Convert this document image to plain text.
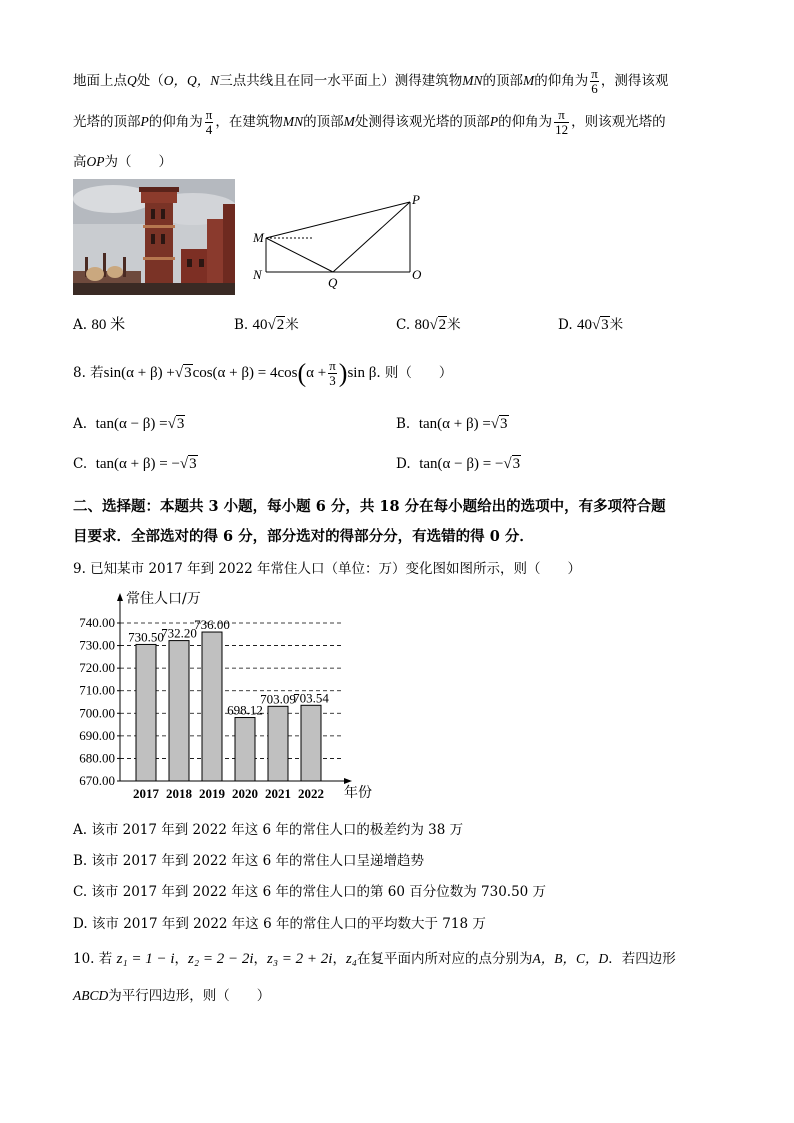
地面上点Q处（O，Q，N三点共线且在同一水平面上）测得建筑物MN的顶部M的仰角为 $\frac{\pi}{6}$ ，测得该观
光塔的顶部P的仰角为 $\frac{\pi}{4}$ ，在建筑物MN的顶部M处测得该观光塔的顶部P的仰角为 $\frac{\pi}{12}$ ，则该观光塔的
高OP为（　　）
P
M
N
Q
O
A. 80 米	B. 40√2米	C. 80√2米	D. 40√3米
8. 若$\sin(\alpha + \beta) +√3\cos(\alpha + \beta) = 4\cos(\alpha + \frac{\pi}{3} )\sin$ β. 则（　　）
A. tan(α − β) =√3	B. tan(α + β) =√3
C. tan(α + β) = −√3	D. tan(α − β) = −√3
二、选择题：本题共 3 小题，每小题 6 分，共 18 分在每小题给出的选项中，有多项符合题
目要求．全部选对的得 6 分，部分选对的得部分分，有选错的得 0 分．
9. 已知某市 2017 年到 2022 年常住人口（单位：万）变化图如图所示，则（　　）
670.00
680.00
690.00
700.00
710.00
720.00
730.00
740.00
常住人口/万
年份
730.50
2017
732.20
2018
736.00
2019
698.12
2020
703.09
2021
703.54
2022
A. 该市 2017 年到 2022 年这 6 年的常住人口的极差约为 38 万
B. 该市 2017 年到 2022 年这 6 年的常住人口呈递增趋势
C. 该市 2017 年到 2022 年这 6 年的常住人口的第 60 百分位数为 730.50 万
D. 该市 2017 年到 2022 年这 6 年的常住人口的平均数大于 718 万
10. 若 z₁ = 1 − i，z₂ = 2 − 2i，z₃ = 2 + 2i，z₄在复平面内所对应的点分别为A，B，C，D．若四边形
ABCD为平行四边形，则（　　）
